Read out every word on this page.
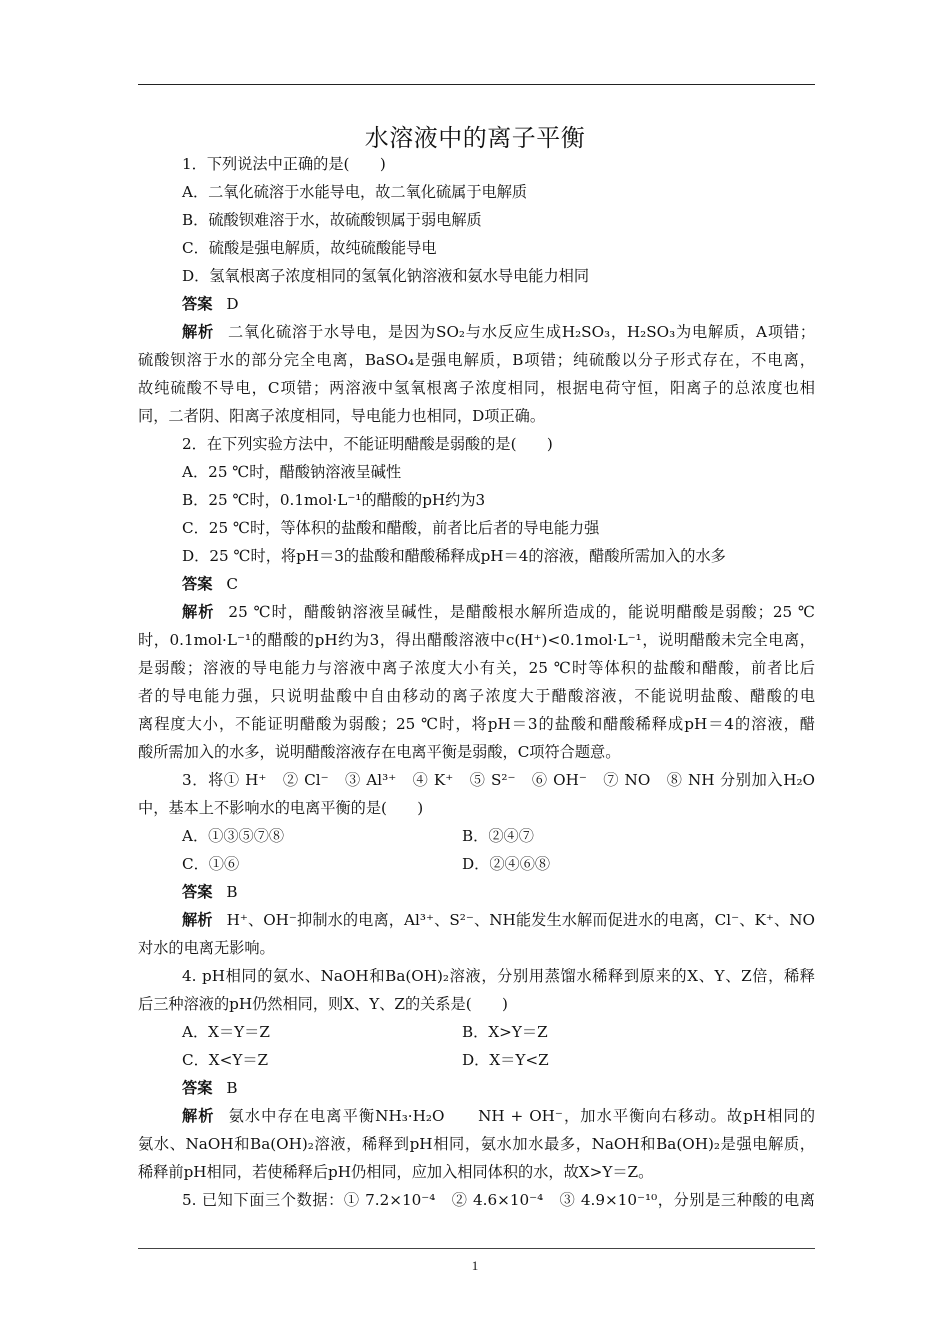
水溶液中的离子平衡
1．下列说法中正确的是(　　)
A．二氧化硫溶于水能导电，故二氧化硫属于电解质
B．硫酸钡难溶于水，故硫酸钡属于弱电解质
C．硫酸是强电解质，故纯硫酸能导电
D．氢氧根离子浓度相同的氢氧化钠溶液和氨水导电能力相同
答案 D
解析 二氧化硫溶于水导电，是因为SO₂与水反应生成H₂SO₃，H₂SO₃为电解质，A项错；
硫酸钡溶于水的部分完全电离，BaSO₄是强电解质，B项错；纯硫酸以分子形式存在，不电离，
故纯硫酸不导电，C项错；两溶液中氢氧根离子浓度相同，根据电荷守恒，阳离子的总浓度也相
同，二者阴、阳离子浓度相同，导电能力也相同，D项正确。
2．在下列实验方法中，不能证明醋酸是弱酸的是(　　)
A．25 ℃时，醋酸钠溶液呈碱性
B．25 ℃时，0.1mol·L⁻¹的醋酸的pH约为3
C．25 ℃时，等体积的盐酸和醋酸，前者比后者的导电能力强
D．25 ℃时，将pH＝3的盐酸和醋酸稀释成pH＝4的溶液，醋酸所需加入的水多
答案 C
解析 25 ℃时，醋酸钠溶液呈碱性，是醋酸根水解所造成的，能说明醋酸是弱酸；25 ℃
时，0.1mol·L⁻¹的醋酸的pH约为3，得出醋酸溶液中c(H⁺)<0.1mol·L⁻¹，说明醋酸未完全电离，
是弱酸；溶液的导电能力与溶液中离子浓度大小有关，25 ℃时等体积的盐酸和醋酸，前者比后
者的导电能力强，只说明盐酸中自由移动的离子浓度大于醋酸溶液，不能说明盐酸、醋酸的电
离程度大小，不能证明醋酸为弱酸；25 ℃时，将pH＝3的盐酸和醋酸稀释成pH＝4的溶液，醋
酸所需加入的水多，说明醋酸溶液存在电离平衡是弱酸，C项符合题意。
3．将① H⁺　② Cl⁻　③ Al³⁺　④ K⁺　⑤ S²⁻　⑥ OH⁻　⑦ NO　⑧ NH 分别加入H₂O
中，基本上不影响水的电离平衡的是(　　)
A．①③⑤⑦⑧	B．②④⑦
C．①⑥	D．②④⑥⑧
答案 B
解析 H⁺、OH⁻抑制水的电离，Al³⁺、S²⁻、NH能发生水解而促进水的电离，Cl⁻、K⁺、NO
对水的电离无影响。
4. pH相同的氨水、NaOH和Ba(OH)₂溶液，分别用蒸馏水稀释到原来的X、Y、Z倍，稀释
后三种溶液的pH仍然相同，则X、Y、Z的关系是(　　)
A．X＝Y＝Z	B．X>Y＝Z
C．X<Y＝Z	D．X＝Y<Z
答案 B
解析 氨水中存在电离平衡NH₃·H₂O　　NH + OH⁻，加水平衡向右移动。故pH相同的
氨水、NaOH和Ba(OH)₂溶液，稀释到pH相同，氨水加水最多，NaOH和Ba(OH)₂是强电解质，
稀释前pH相同，若使稀释后pH仍相同，应加入相同体积的水，故X>Y＝Z。
5. 已知下面三个数据：① 7.2×10⁻⁴　② 4.6×10⁻⁴　③ 4.9×10⁻¹⁰，分别是三种酸的电离
1
